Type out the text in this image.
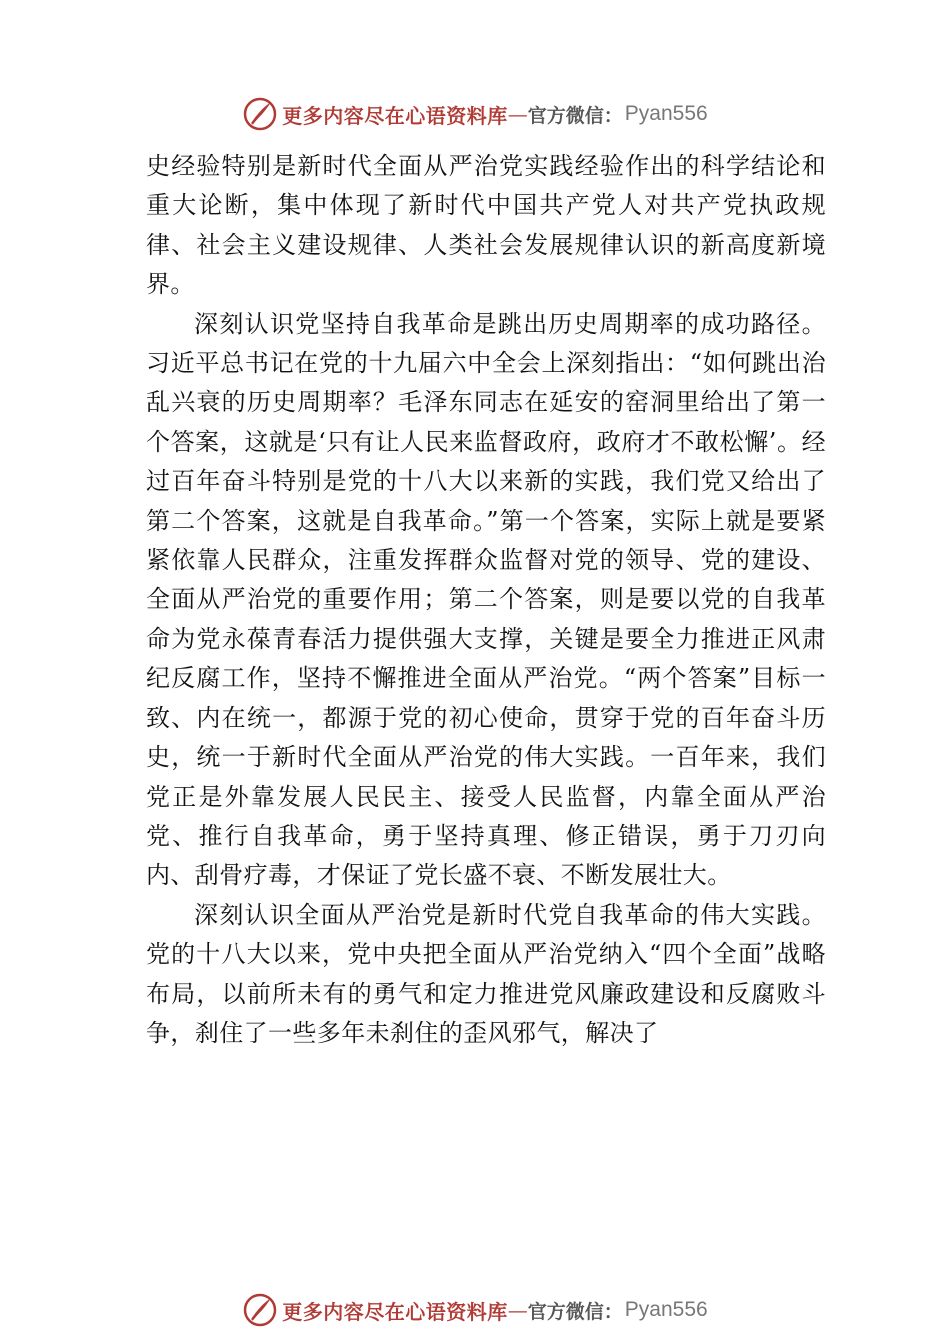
更多内容尽在心语资料库 — 官方微信： Pyan556

史经验特别是新时代全面从严治党实践经验作出的科学结论和重大论断，集中体现了新时代中国共产党人对共产党执政规律、社会主义建设规律、人类社会发展规律认识的新高度新境界。

深刻认识党坚持自我革命是跳出历史周期率的成功路径。习近平总书记在党的十九届六中全会上深刻指出：“如何跳出治乱兴衰的历史周期率？毛泽东同志在延安的窑洞里给出了第一个答案，这就是‘只有让人民来监督政府，政府才不敢松懈’。经过百年奋斗特别是党的十八大以来新的实践，我们党又给出了第二个答案，这就是自我革命。”第一个答案，实际上就是要紧紧依靠人民群众，注重发挥群众监督对党的领导、党的建设、全面从严治党的重要作用；第二个答案，则是要以党的自我革命为党永葆青春活力提供强大支撑，关键是要全力推进正风肃纪反腐工作，坚持不懈推进全面从严治党。“两个答案”目标一致、内在统一，都源于党的初心使命，贯穿于党的百年奋斗历史，统一于新时代全面从严治党的伟大实践。一百年来，我们党正是外靠发展人民民主、接受人民监督，内靠全面从严治党、推行自我革命，勇于坚持真理、修正错误，勇于刀刃向内、刮骨疗毒，才保证了党长盛不衰、不断发展壮大。

深刻认识全面从严治党是新时代党自我革命的伟大实践。党的十八大以来，党中央把全面从严治党纳入“四个全面”战略布局，以前所未有的勇气和定力推进党风廉政建设和反腐败斗争，刹住了一些多年未刹住的歪风邪气，解决了

更多内容尽在心语资料库 — 官方微信： Pyan556
